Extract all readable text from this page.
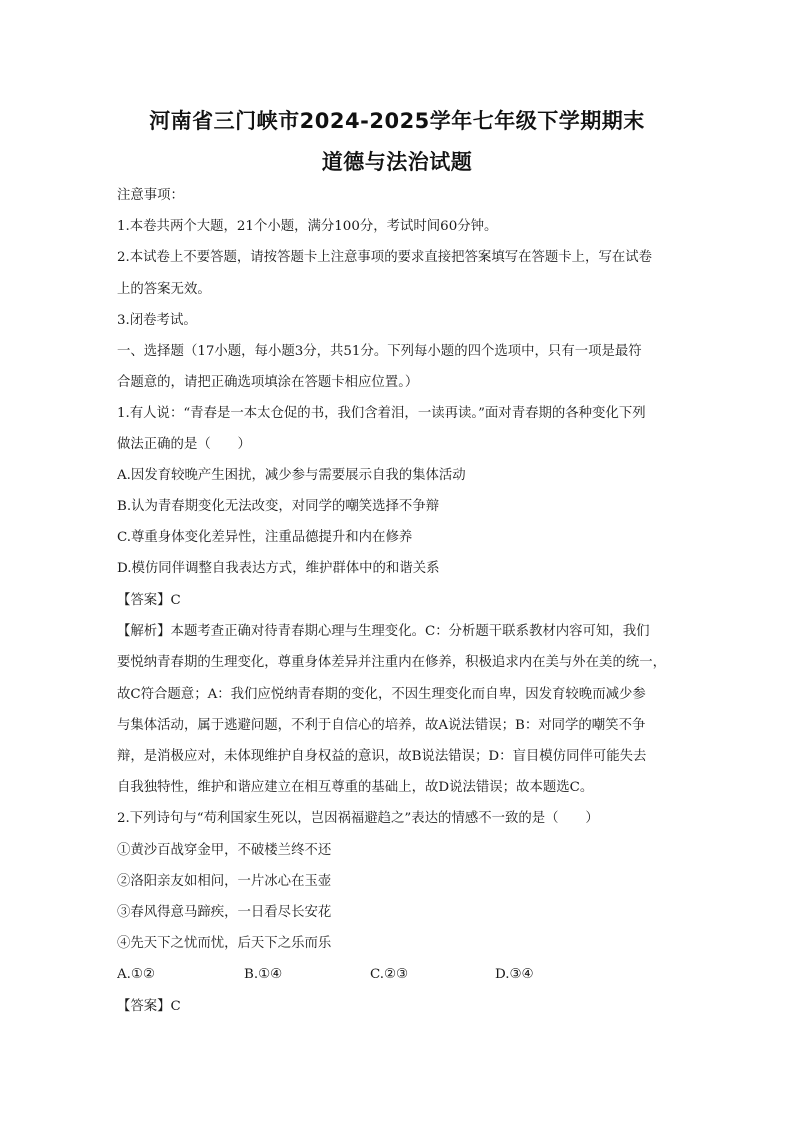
河南省三门峡市2024-2025学年七年级下学期期末
道德与法治试题
注意事项：
1.本卷共两个大题，21个小题，满分100分，考试时间60分钟。
2.本试卷上不要答题，请按答题卡上注意事项的要求直接把答案填写在答题卡上，写在试卷
上的答案无效。
3.闭卷考试。
一、选择题（17小题，每小题3分，共51分。下列每小题的四个选项中，只有一项是最符
合题意的，请把正确选项填涂在答题卡相应位置。）
1.有人说：“青春是一本太仓促的书，我们含着泪，一读再读。”面对青春期的各种变化下列
做法正确的是（　　）
A.因发育较晚产生困扰，减少参与需要展示自我的集体活动
B.认为青春期变化无法改变，对同学的嘲笑选择不争辩
C.尊重身体变化差异性，注重品德提升和内在修养
D.模仿同伴调整自我表达方式，维护群体中的和谐关系
【答案】C
【解析】本题考查正确对待青春期心理与生理变化。C：分析题干联系教材内容可知，我们
要悦纳青春期的生理变化，尊重身体差异并注重内在修养，积极追求内在美与外在美的统一，
故C符合题意；A：我们应悦纳青春期的变化，不因生理变化而自卑，因发育较晚而减少参
与集体活动，属于逃避问题，不利于自信心的培养，故A说法错误；B：对同学的嘲笑不争
辩，是消极应对，未体现维护自身权益的意识，故B说法错误；D：盲目模仿同伴可能失去
自我独特性，维护和谐应建立在相互尊重的基础上，故D说法错误；故本题选C。
2.下列诗句与“苟利国家生死以，岂因祸福避趋之”表达的情感不一致的是（　　）
①黄沙百战穿金甲，不破楼兰终不还
②洛阳亲友如相问，一片冰心在玉壶
③春风得意马蹄疾，一日看尽长安花
④先天下之忧而忧，后天下之乐而乐
A.①②	B.①④	C.②③	D.③④
【答案】C
